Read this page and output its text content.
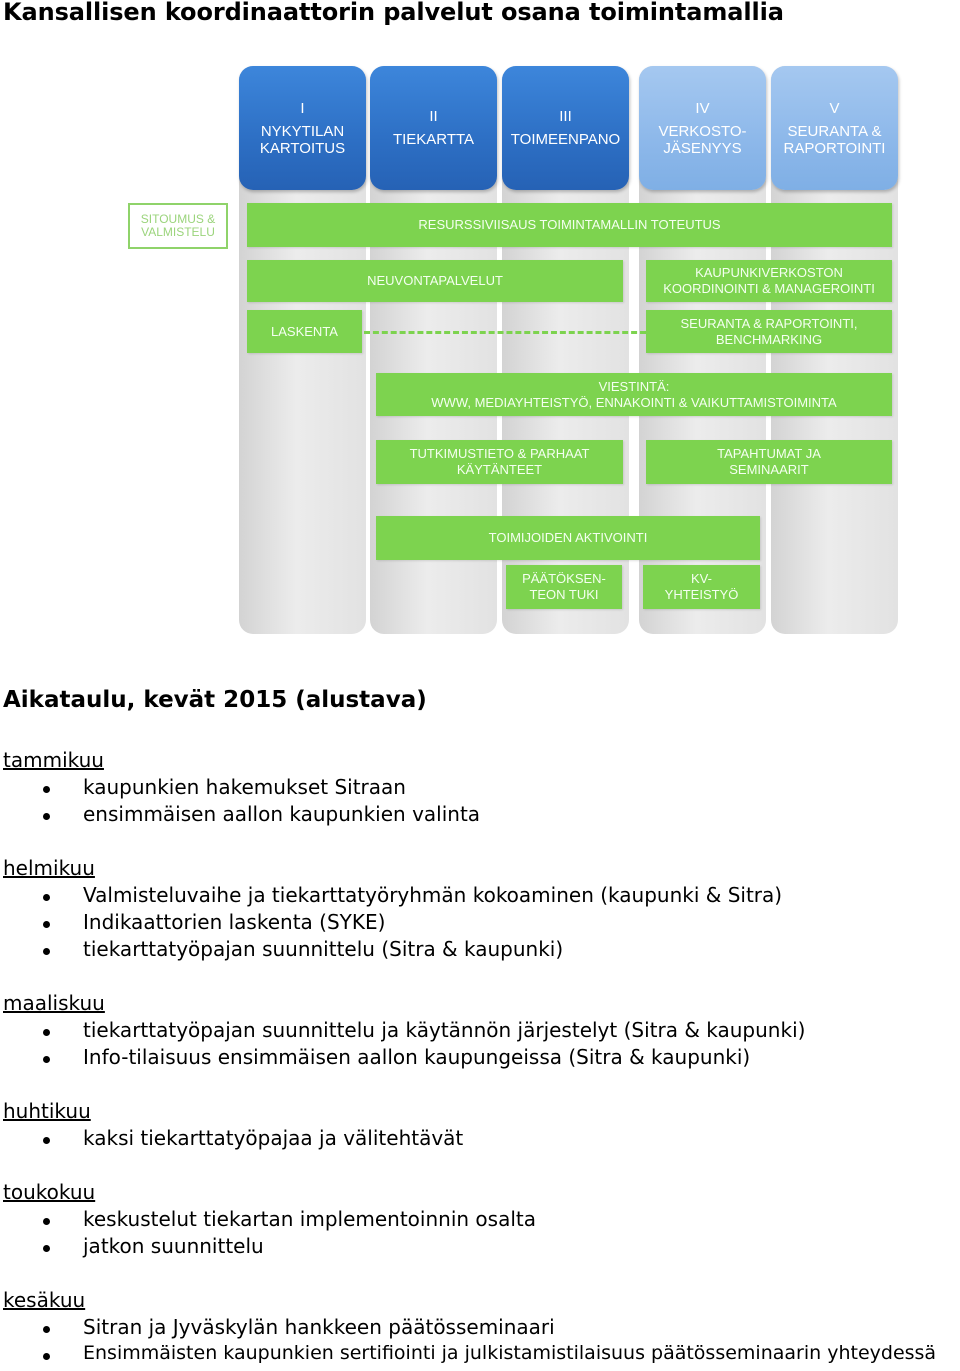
Kansallisen koordinaattorin palvelut osana toimintamallia
I
NYKYTILAN
KARTOITUS
II
TIEKARTTA
III
TOIMEENPANO
IV
VERKOSTO-
JÄSENYYS
V
SEURANTA &
RAPORTOINTI
SITOUMUS &
VALMISTELU	RESURSSIVIISAUS TOIMINTAMALLIN TOTEUTUS
NEUVONTAPALVELUT
KAUPUNKIVERKOSTON
KOORDINOINTI & MANAGEROINTI
LASKENTA
SEURANTA & RAPORTOINTI,
BENCHMARKING
VIESTINTÄ:
WWW, MEDIAYHTEISTYÖ, ENNAKOINTI & VAIKUTTAMISTOIMINTA
TUTKIMUSTIETO & PARHAAT
KÄYTÄNTEET
TAPAHTUMAT JA
SEMINAARIT
TOIMIJOIDEN AKTIVOINTI
PÄÄTÖKSEN-
TEON TUKI
KV-
YHTEISTYÖ
Aikataulu, kevät 2015 (alustava)
tammikuu
kaupunkien hakemukset Sitraan
ensimmäisen aallon kaupunkien valinta
helmikuu
Valmisteluvaihe ja tiekarttatyöryhmän kokoaminen (kaupunki & Sitra)
Indikaattorien laskenta (SYKE)
tiekarttatyöpajan suunnittelu (Sitra & kaupunki)
maaliskuu
tiekarttatyöpajan suunnittelu ja käytännön järjestelyt (Sitra & kaupunki)
Info-tilaisuus ensimmäisen aallon kaupungeissa (Sitra & kaupunki)
huhtikuu
kaksi tiekarttatyöpajaa ja välitehtävät
toukokuu
keskustelut tiekartan implementoinnin osalta
jatkon suunnittelu
kesäkuu
Sitran ja Jyväskylän hankkeen päätösseminaari
Ensimmäisten kaupunkien sertifiointi ja julkistamistilaisuus päätösseminaarin yhteydessä
